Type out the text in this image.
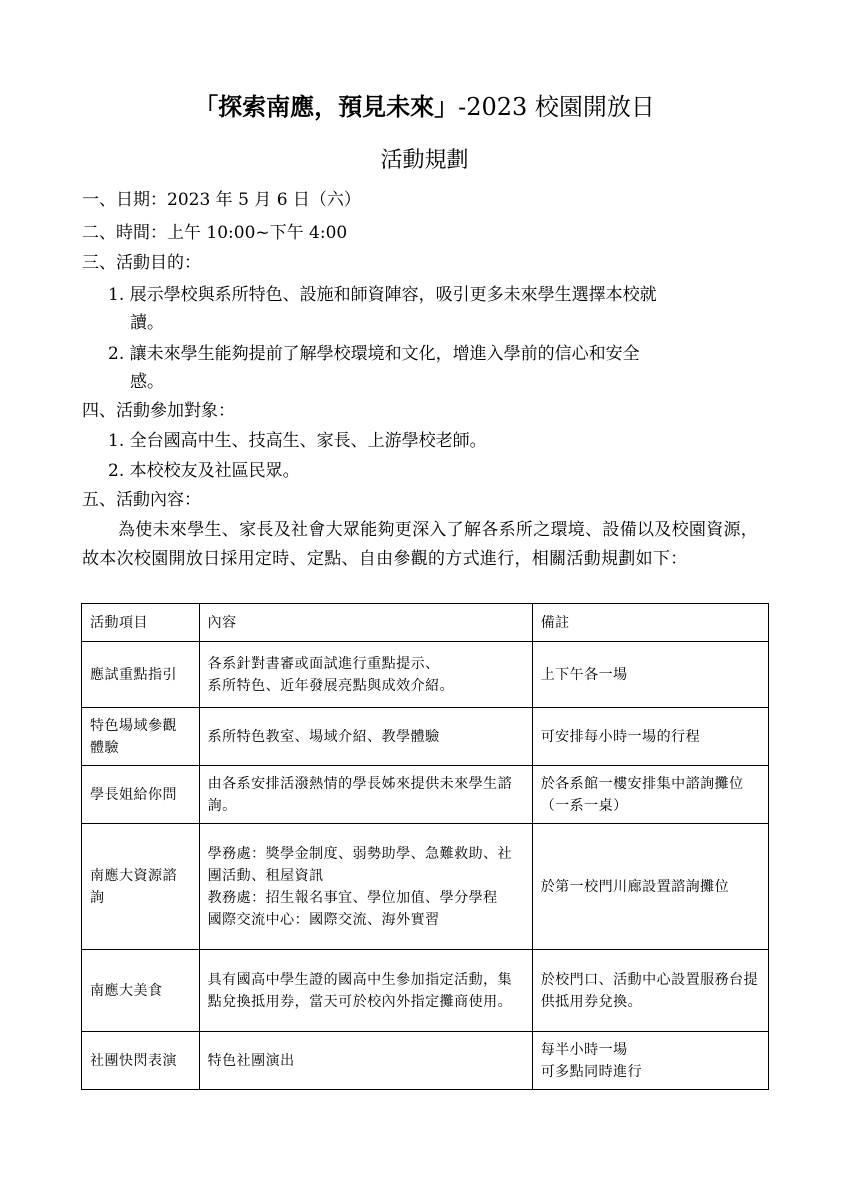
「探索南應，預見未來」-2023 校園開放日
活動規劃
一、日期：2023 年 5 月 6 日（六）
二、時間：上午 10:00~下午 4:00
三、活動目的：
1. 展示學校與系所特色、設施和師資陣容，吸引更多未來學生選擇本校就
讀。
2. 讓未來學生能夠提前了解學校環境和文化，增進入學前的信心和安全
感。
四、活動參加對象：
1. 全台國高中生、技高生、家長、上游學校老師。
2. 本校校友及社區民眾。
五、活動內容：
為使未來學生、家長及社會大眾能夠更深入了解各系所之環境、設備以及校園資源，故本次校園開放日採用定時、定點、自由參觀的方式進行，相關活動規劃如下：
活動項目	內容	備註
應試重點指引	各系針對書審或面試進行重點提示、
系所特色、近年發展亮點與成效介紹。	上下午各一場

特色場域參觀體驗	系所特色教室、場域介紹、教學體驗	可安排每小時一場的行程

學長姐給你問	由各系安排活潑熱情的學長姊來提供未來學生諮詢。	於各系館一樓安排集中諮詢攤位（一系一桌）

南應大資源諮詢	學務處：獎學金制度、弱勢助學、急難救助、社團活動、租屋資訊
教務處：招生報名事宜、學位加值、學分學程
國際交流中心：國際交流、海外實習	於第一校門川廊設置諮詢攤位

南應大美食	具有國高中學生證的國高中生參加指定活動，集點兌換抵用券，當天可於校內外指定攤商使用。	於校門口、活動中心設置服務台提供抵用券兌換。

社團快閃表演	特色社團演出	每半小時一場
可多點同時進行
